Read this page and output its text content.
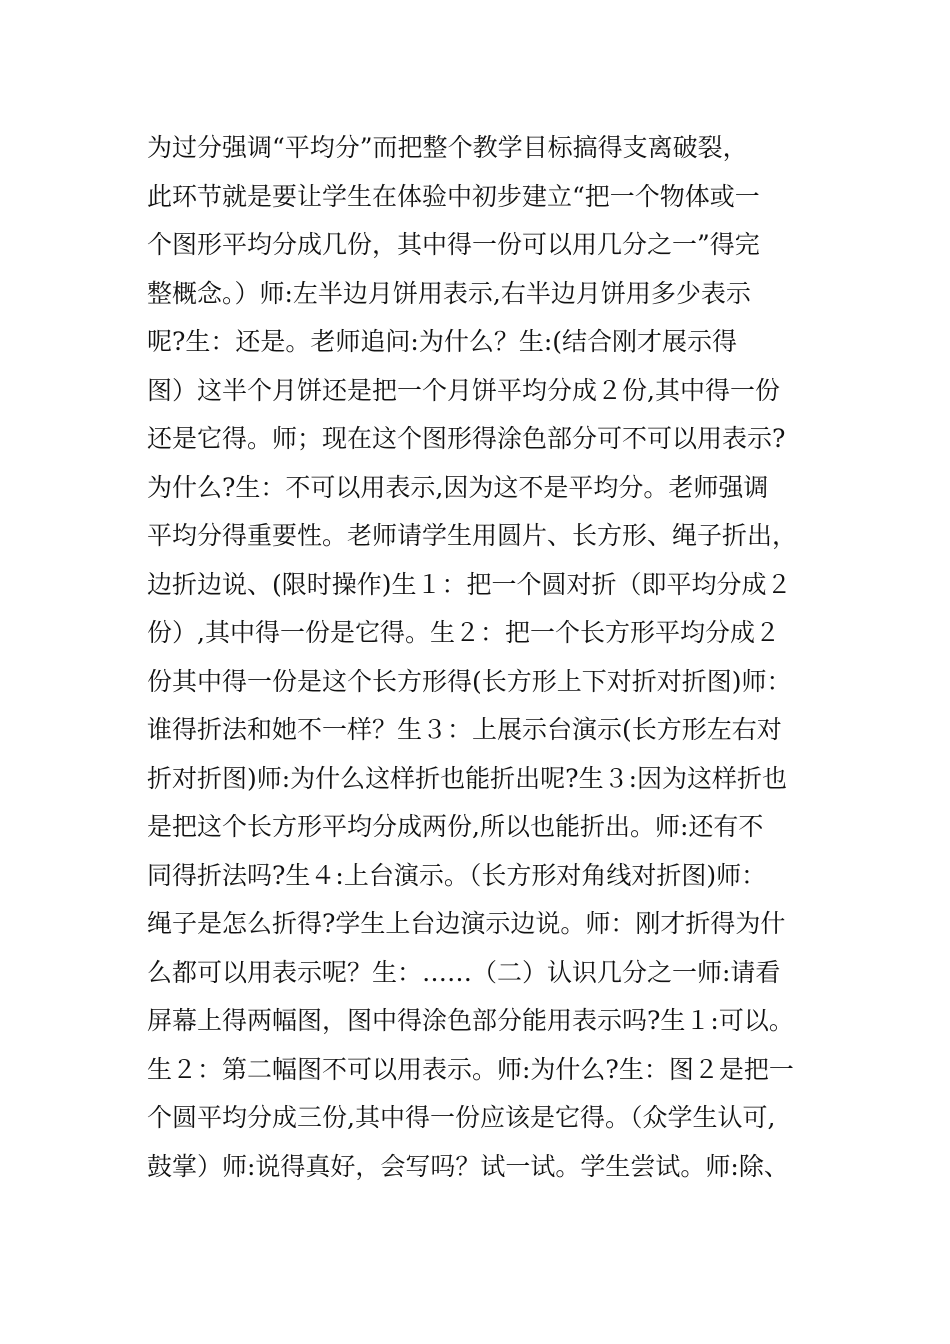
为过分强调“平均分”而把整个教学目标搞得支离破裂，
此环节就是要让学生在体验中初步建立“把一个物体或一
个图形平均分成几份，其中得一份可以用几分之一”得完
整概念。）师:左半边月饼用表示,右半边月饼用多少表示
呢?生：还是。老师追问:为什么？生:(结合刚才展示得
图）这半个月饼还是把一个月饼平均分成２份,其中得一份
还是它得。师；现在这个图形得涂色部分可不可以用表示?
为什么?生：不可以用表示,因为这不是平均分。老师强调
平均分得重要性。老师请学生用圆片、长方形、绳子折出，
边折边说、(限时操作)生１：把一个圆对折（即平均分成２
份）,其中得一份是它得。生２：把一个长方形平均分成２
份其中得一份是这个长方形得(长方形上下对折对折图)师：
谁得折法和她不一样？生３：上展示台演示(长方形左右对
折对折图)师:为什么这样折也能折出呢?生３:因为这样折也
是把这个长方形平均分成两份,所以也能折出。师:还有不
同得折法吗?生４:上台演示。（长方形对角线对折图)师：
绳子是怎么折得?学生上台边演示边说。师：刚才折得为什
么都可以用表示呢？生：……（二）认识几分之一师:请看
屏幕上得两幅图，图中得涂色部分能用表示吗?生１:可以。
生２：第二幅图不可以用表示。师:为什么?生：图２是把一
个圆平均分成三份,其中得一份应该是它得。（众学生认可,
鼓掌）师:说得真好，会写吗？试一试。学生尝试。师:除、
